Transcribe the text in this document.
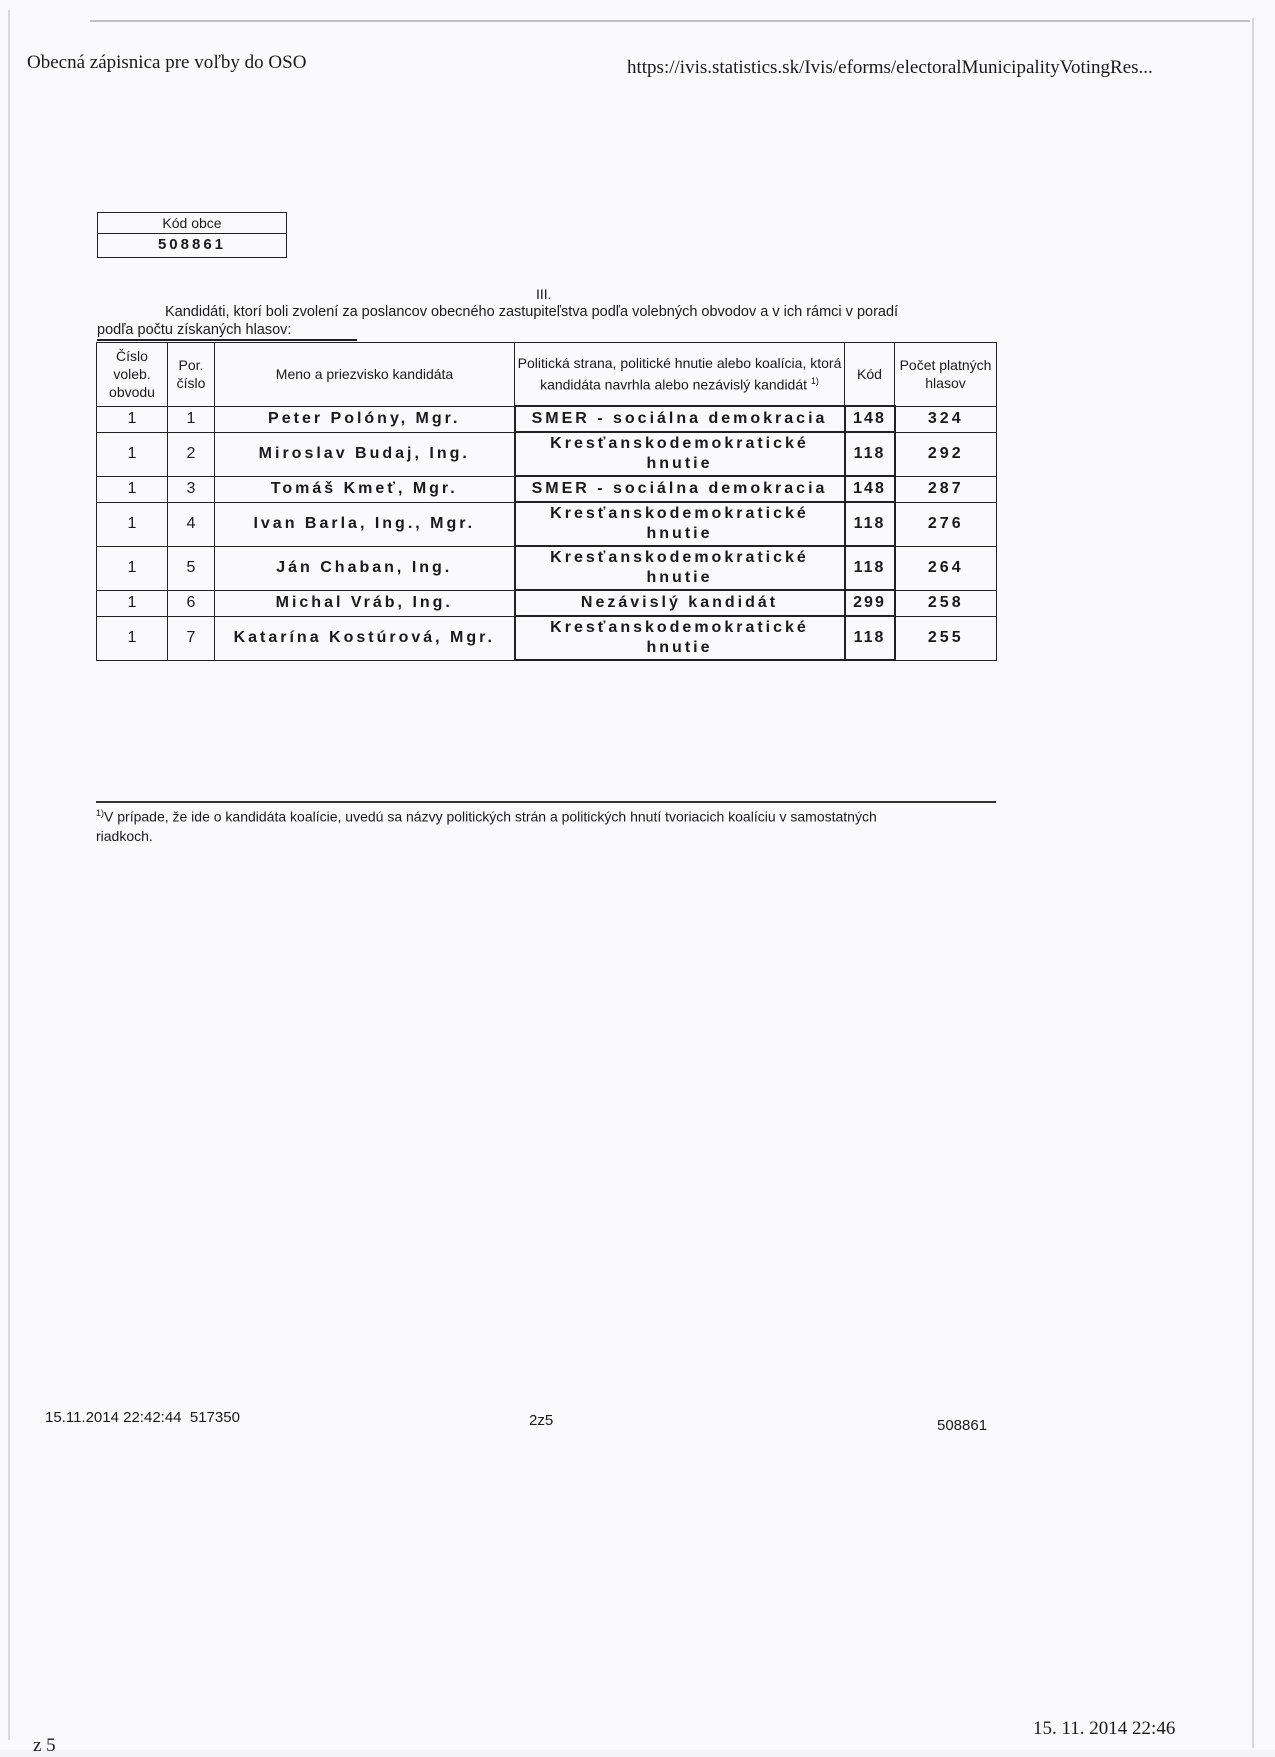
Obecná zápisnica pre voľby do OSO	https://ivis.statistics.sk/Ivis/eforms/electoralMunicipalityVotingRes...
Kód obce
508861
III.
Kandidáti, ktorí boli zvolení za poslancov obecného zastupiteľstva podľa volebných obvodov a v ich rámci v poradí
podľa počtu získaných hlasov:
Číslo voleb. obvodu	Por. číslo	Meno a priezvisko kandidáta	Politická strana, politické hnutie alebo koalícia, ktorá kandidáta navrhla alebo nezávislý kandidát $^{1)}$	Kód	Počet platných hlasov
1	1	Peter Polóny, Mgr.	SMER - sociálna demokracia	148	324
1	2	Miroslav Budaj, Ing.	Kresťanskodemokratické hnutie	118	292
1	3	Tomáš Kmeť, Mgr.	SMER - sociálna demokracia	148	287
1	4	Ivan Barla, Ing., Mgr.	Kresťanskodemokratické hnutie	118	276
1	5	Ján Chaban, Ing.	Kresťanskodemokratické hnutie	118	264
1	6	Michal Vráb, Ing.	Nezávislý kandidát	299	258
1	7	Katarína Kostúrová, Mgr.	Kresťanskodemokratické hnutie	118	255
$^{1)}$V prípade, že ide o kandidáta koalície, uvedú sa názvy politických strán a politických hnutí tvoriacich koalíciu v samostatných riadkoch.
15.11.2014 22:42:44  517350	2z5	508861
z 5
15. 11. 2014 22:46
